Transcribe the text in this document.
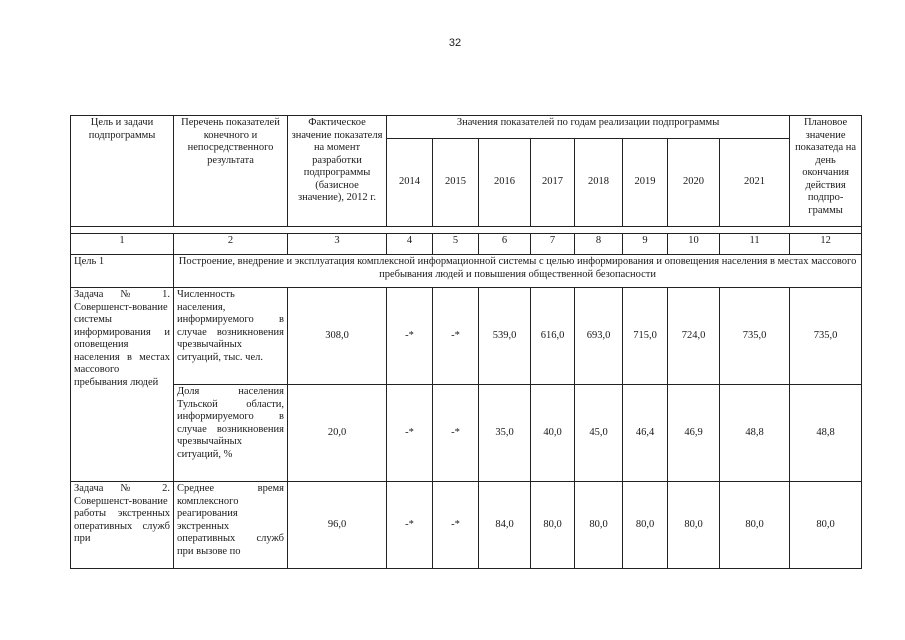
32
Цель и задачи подпрограммы	Перечень показателей конечного и непосредственного результата	Фактическое значение показателя на момент разработки подпрограммы (базисное значение), 2012 г.	Значения показателей по годам реализации подпрограммы								Плановое значение показатеда на день окончания действия подпро-граммы
			2014	2015	2016	2017	2018	2019	2020	2021	

1	2	3	4	5	6	7	8	9	10	11	12
Цель 1	Построение, внедрение и эксплуатация комплексной информационной системы с целью информирования и оповещения населения в местах массового пребывания людей и повышения общественной безопасности										

Задача № 1.
Совершенст-вование системы информирования и оповещения населения в местах массового пребывания людей	Численность населения, информируемого в случае возникновения чрезвычайных ситуаций, тыс. чел.	308,0	-*	-*	539,0	616,0	693,0	715,0	724,0	735,0	735,0
	Доля населения Тульской области, информируемого в случае возникновения чрезвычайных ситуаций, %	20,0	-*	-*	35,0	40,0	45,0	46,4	46,9	48,8	48,8

Задача № 2.
Совершенст-вование работы экстренных оперативных служб при	Среднее время комплексного реагирования экстренных оперативных служб при вызове по	96,0	-*	-*	84,0	80,0	80,0	80,0	80,0	80,0	80,0
